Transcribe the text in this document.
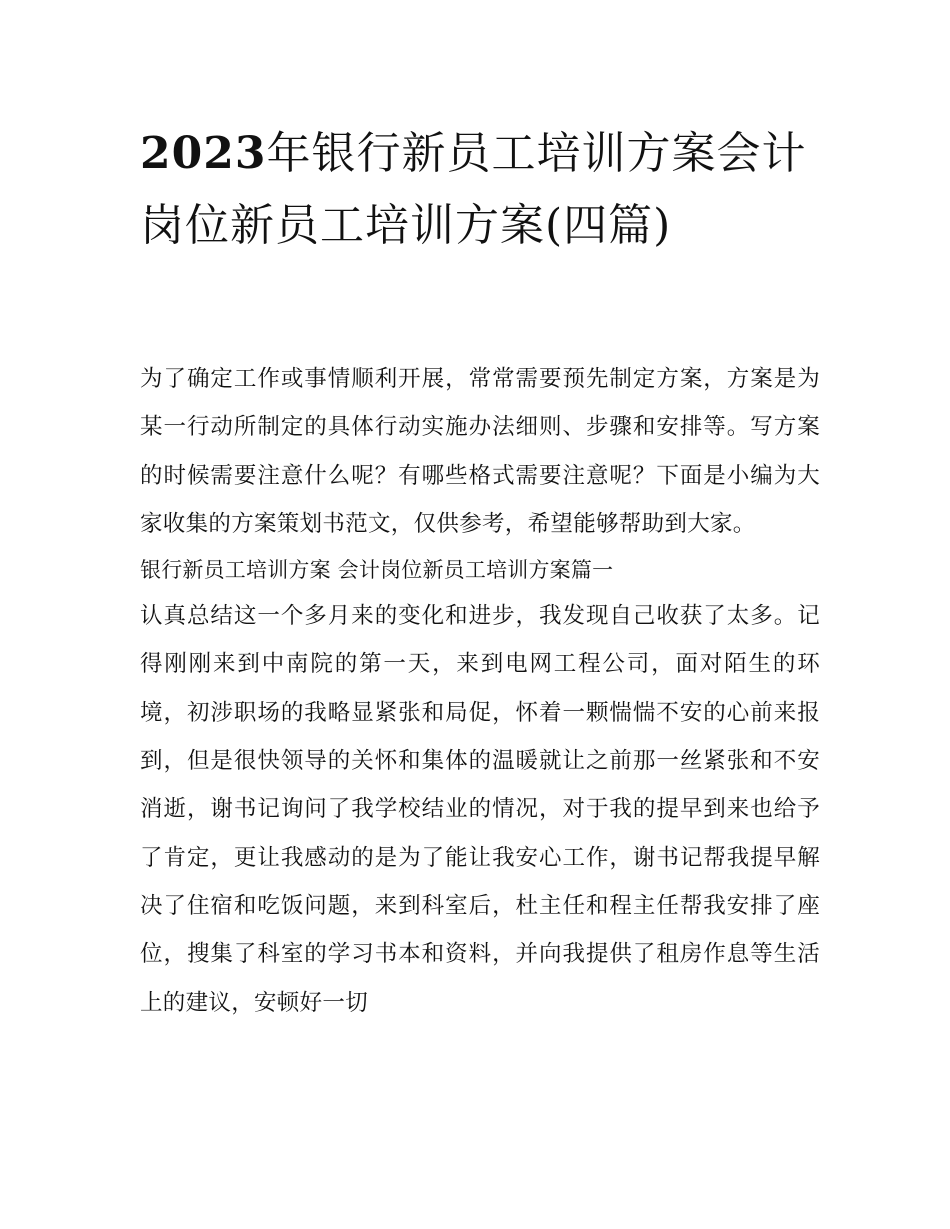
2023年银行新员工培训方案会计岗位新员工培训方案(四篇)

为了确定工作或事情顺利开展，常常需要预先制定方案，方案是为某一行动所制定的具体行动实施办法细则、步骤和安排等。写方案的时候需要注意什么呢？有哪些格式需要注意呢？下面是小编为大家收集的方案策划书范文，仅供参考，希望能够帮助到大家。

银行新员工培训方案 会计岗位新员工培训方案篇一

认真总结这一个多月来的变化和进步，我发现自己收获了太多。记得刚刚来到中南院的第一天，来到电网工程公司，面对陌生的环境，初涉职场的我略显紧张和局促，怀着一颗惴惴不安的心前来报到，但是很快领导的关怀和集体的温暖就让之前那一丝紧张和不安消逝，谢书记询问了我学校结业的情况，对于我的提早到来也给予了肯定，更让我感动的是为了能让我安心工作，谢书记帮我提早解决了住宿和吃饭问题，来到科室后，杜主任和程主任帮我安排了座位，搜集了科室的学习书本和资料，并向我提供了租房作息等生活上的建议，安顿好一切
